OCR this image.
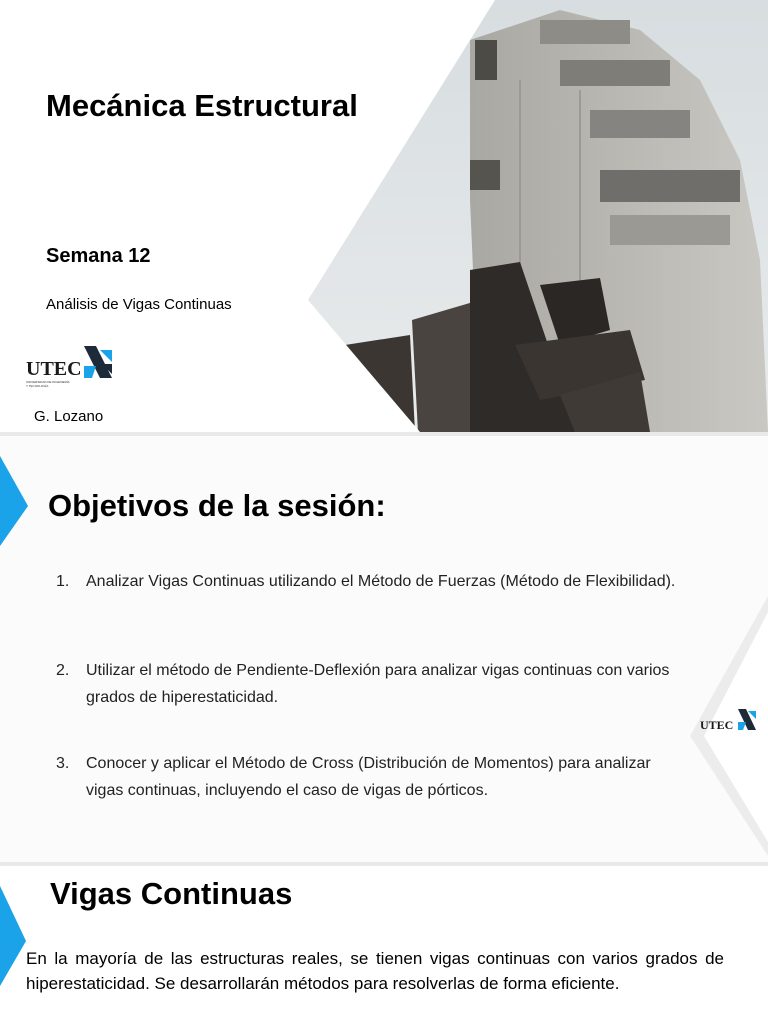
Mecánica Estructural
Semana 12
Análisis de Vigas Continuas
UTEC
UNIVERSIDAD DE INGENIERÍA
Y TECNOLOGÍA
G. Lozano
Objetivos de la sesión:
1. Analizar Vigas Continuas utilizando el Método de Fuerzas (Método de Flexibilidad).
2. Utilizar el método de Pendiente-Deflexión para analizar vigas continuas con varios grados de hiperestaticidad.
3. Conocer y aplicar el Método de Cross (Distribución de Momentos) para analizar vigas continuas, incluyendo el caso de vigas de pórticos.
UTEC
Vigas Continuas
En la mayoría de las estructuras reales, se tienen vigas continuas con varios grados de hiperestaticidad. Se desarrollarán métodos para resolverlas de forma eficiente.
